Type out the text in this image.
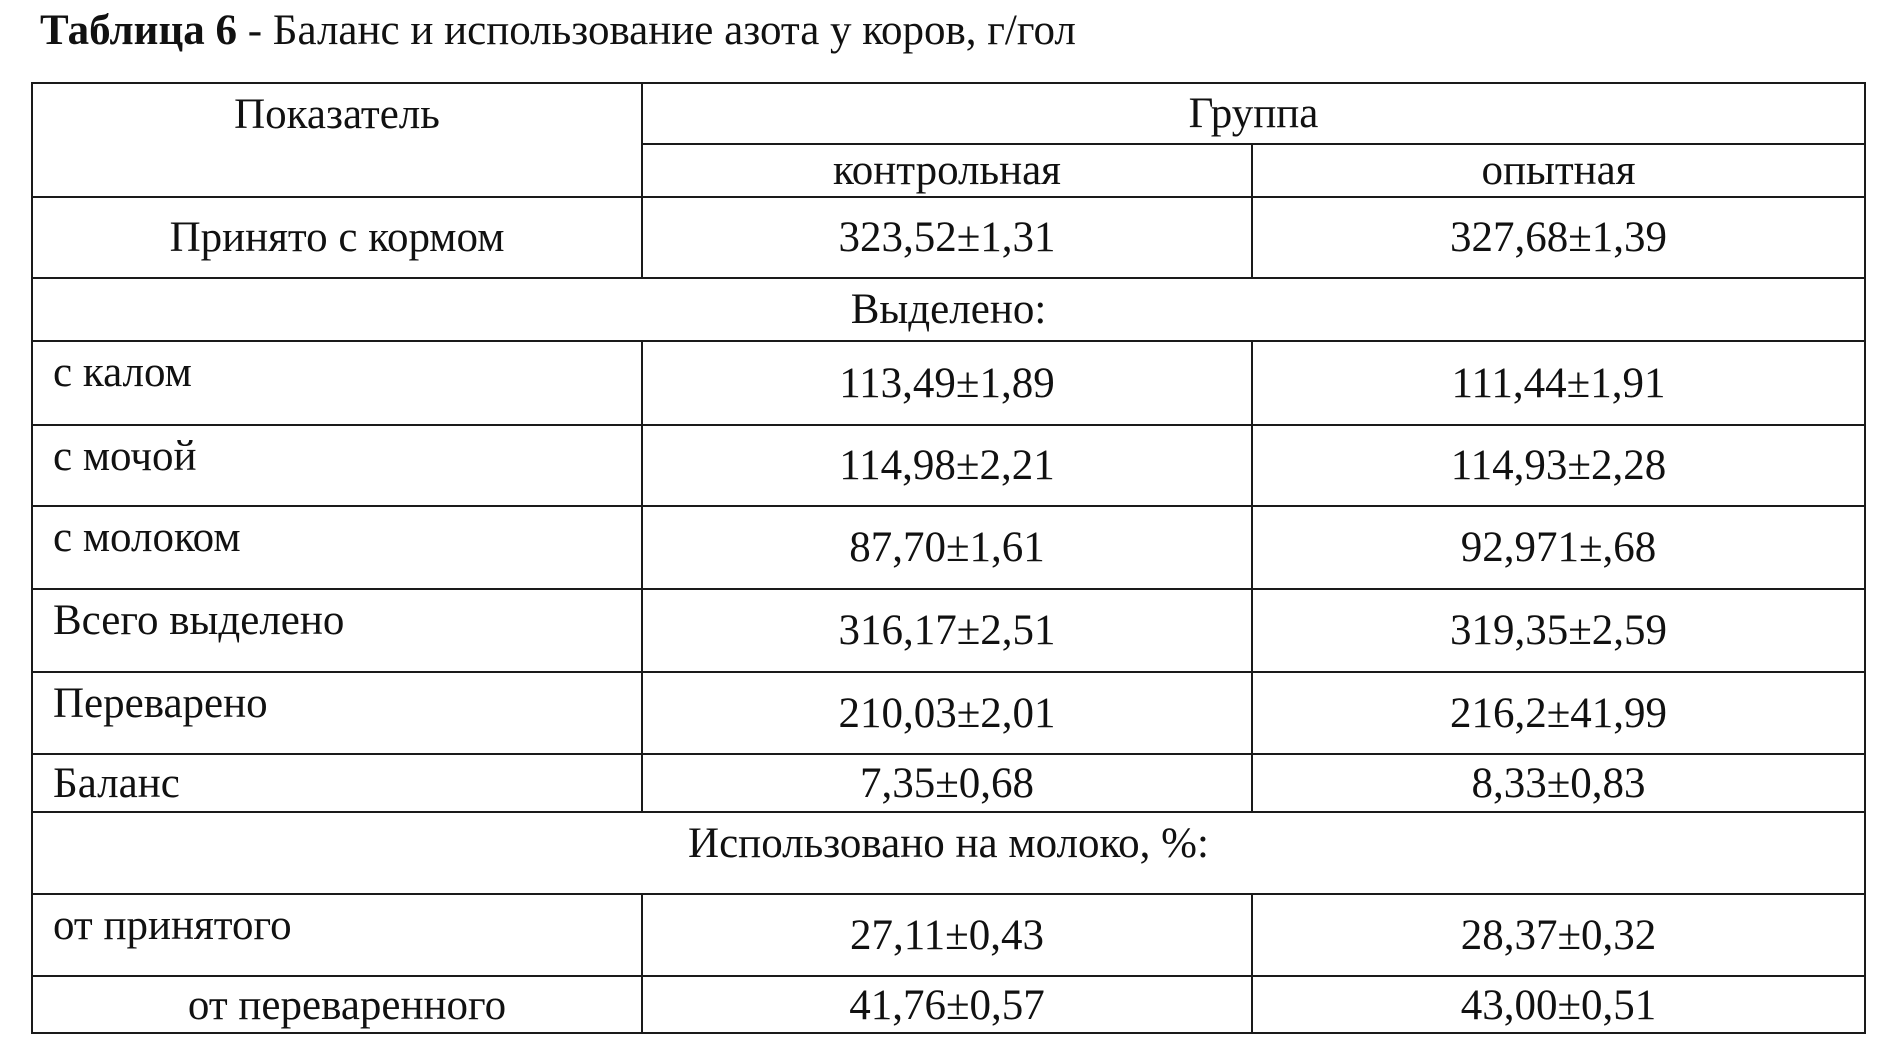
Таблица 6 - Баланс и использование азота у коров, г/гол
Показатель	Группа	
	контрольная	опытная
Принято с кормом	323,52±1,31	327,68±1,39
Выделено:		
с калом	113,49±1,89	111,44±1,91
с мочой	114,98±2,21	114,93±2,28
с молоком	87,70±1,61	92,971±,68
Всего выделено	316,17±2,51	319,35±2,59
Переварено	210,03±2,01	216,2±41,99
Баланс	7,35±0,68	8,33±0,83
Использовано на молоко, %:		
от принятого	27,11±0,43	28,37±0,32
от переваренного	41,76±0,57	43,00±0,51
